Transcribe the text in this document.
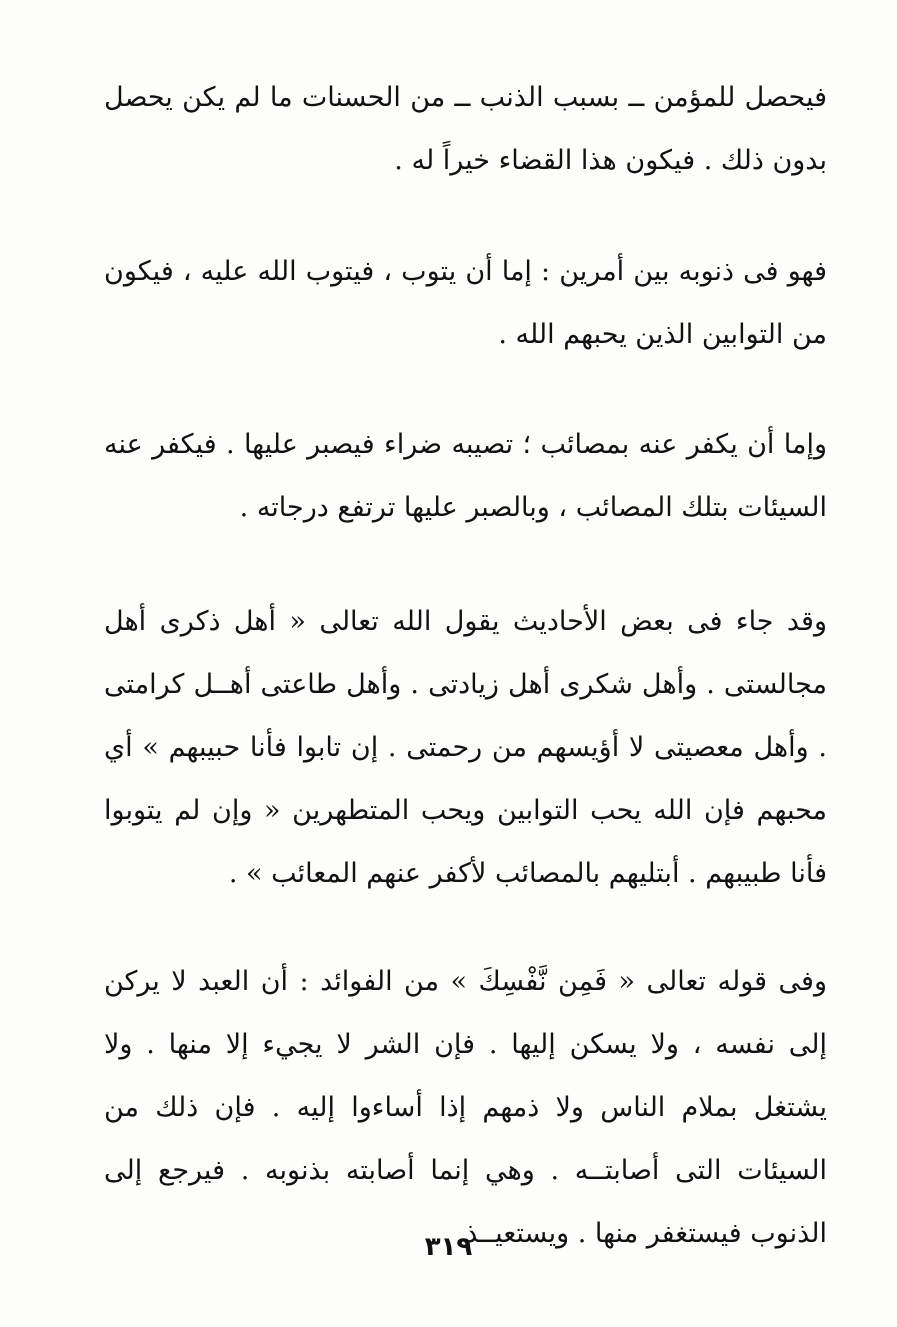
فيحصل للمؤمن ــ بسبب الذنب ــ من الحسنات ما لم يكن يحصل بدون ذلك . فيكون هذا القضاء خيراً له .

فهو فى ذنوبه بين أمرين : إما أن يتوب ، فيتوب الله عليه ، فيكون من التوابين الذين يحبهم الله .

وإما أن يكفر عنه بمصائب ؛ تصيبه ضراء فيصبر عليها . فيكفر عنه السيئات بتلك المصائب ، وبالصبر عليها ترتفع درجاته .

وقد جاء فى بعض الأحاديث يقول الله تعالى « أهل ذكرى أهل مجالستى . وأهل شكرى أهل زيادتى . وأهل طاعتى أهــل كرامتى . وأهل معصيتى لا أؤيسهم من رحمتى . إن تابوا فأنا حبيبهم » أي محبهم فإن الله يحب التوابين ويحب المتطهرين « وإن لم يتوبوا فأنا طبيبهم . أبتليهم بالمصائب لأكفر عنهم المعائب » .

وفى قوله تعالى « فَمِن نَّفْسِكَ » من الفوائد : أن العبد لا يركن إلى نفسه ، ولا يسكن إليها . فإن الشر لا يجيء إلا منها . ولا يشتغل بملام الناس ولا ذمهم إذا أساءوا إليه . فإن ذلك من السيئات التى أصابتــه . وهي إنما أصابته بذنوبه . فيرجع إلى الذنوب فيستغفر منها . ويستعيــذ

٣١٩
